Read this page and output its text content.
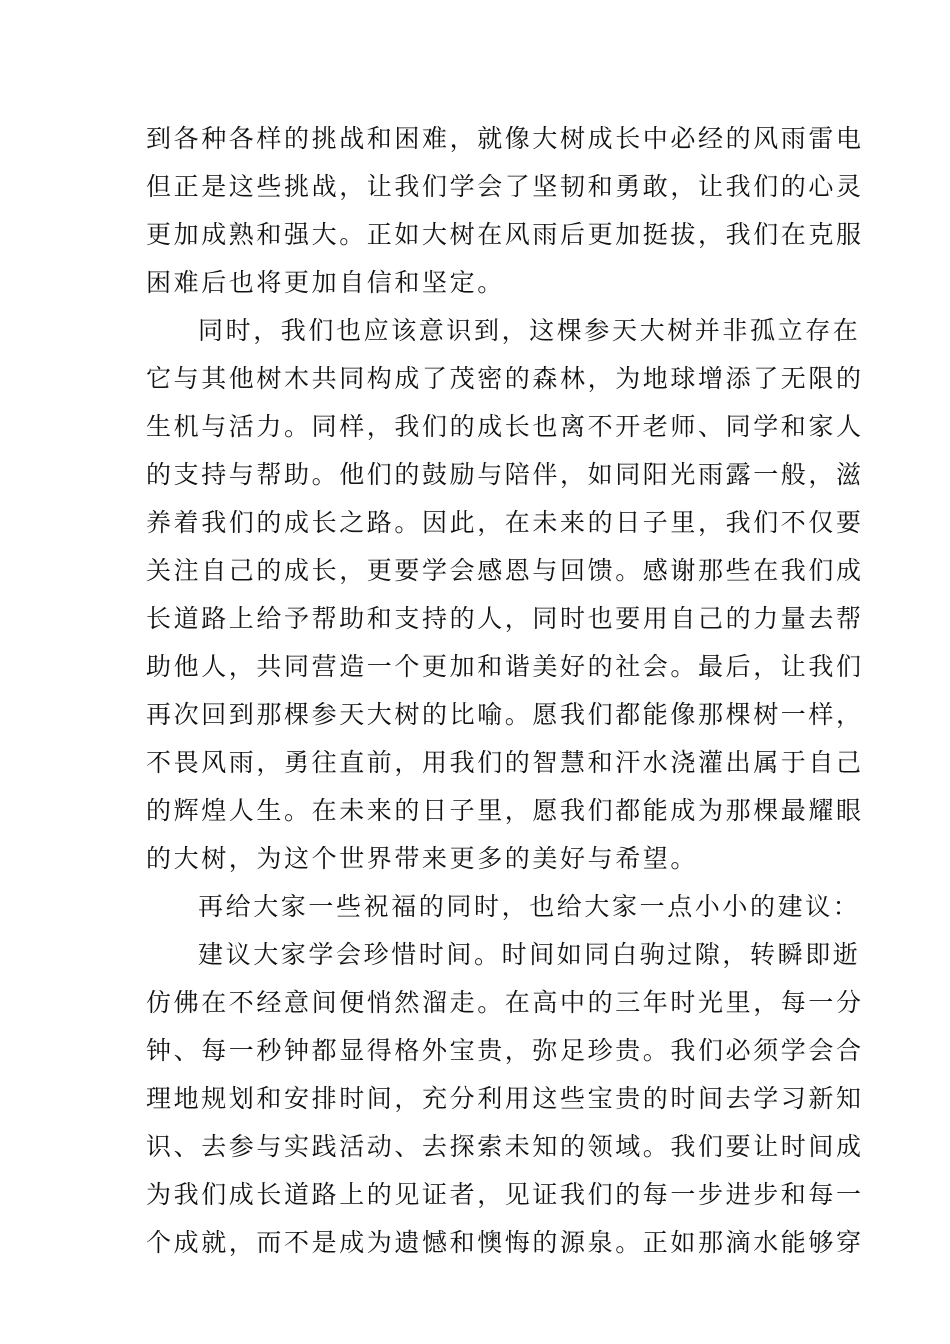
到各种各样的挑战和困难，就像大树成长中必经的风雨雷电
但正是这些挑战，让我们学会了坚韧和勇敢，让我们的心灵
更加成熟和强大。正如大树在风雨后更加挺拔，我们在克服
困难后也将更加自信和坚定。
同时，我们也应该意识到，这棵参天大树并非孤立存在
它与其他树木共同构成了茂密的森林，为地球增添了无限的
生机与活力。同样，我们的成长也离不开老师、同学和家人
的支持与帮助。他们的鼓励与陪伴，如同阳光雨露一般，滋
养着我们的成长之路。因此，在未来的日子里，我们不仅要
关注自己的成长，更要学会感恩与回馈。感谢那些在我们成
长道路上给予帮助和支持的人，同时也要用自己的力量去帮
助他人，共同营造一个更加和谐美好的社会。最后，让我们
再次回到那棵参天大树的比喻。愿我们都能像那棵树一样，
不畏风雨，勇往直前，用我们的智慧和汗水浇灌出属于自己
的辉煌人生。在未来的日子里，愿我们都能成为那棵最耀眼
的大树，为这个世界带来更多的美好与希望。
再给大家一些祝福的同时，也给大家一点小小的建议：
建议大家学会珍惜时间。时间如同白驹过隙，转瞬即逝
仿佛在不经意间便悄然溜走。在高中的三年时光里，每一分
钟、每一秒钟都显得格外宝贵，弥足珍贵。我们必须学会合
理地规划和安排时间，充分利用这些宝贵的时间去学习新知
识、去参与实践活动、去探索未知的领域。我们要让时间成
为我们成长道路上的见证者，见证我们的每一步进步和每一
个成就，而不是成为遗憾和懊悔的源泉。正如那滴水能够穿
